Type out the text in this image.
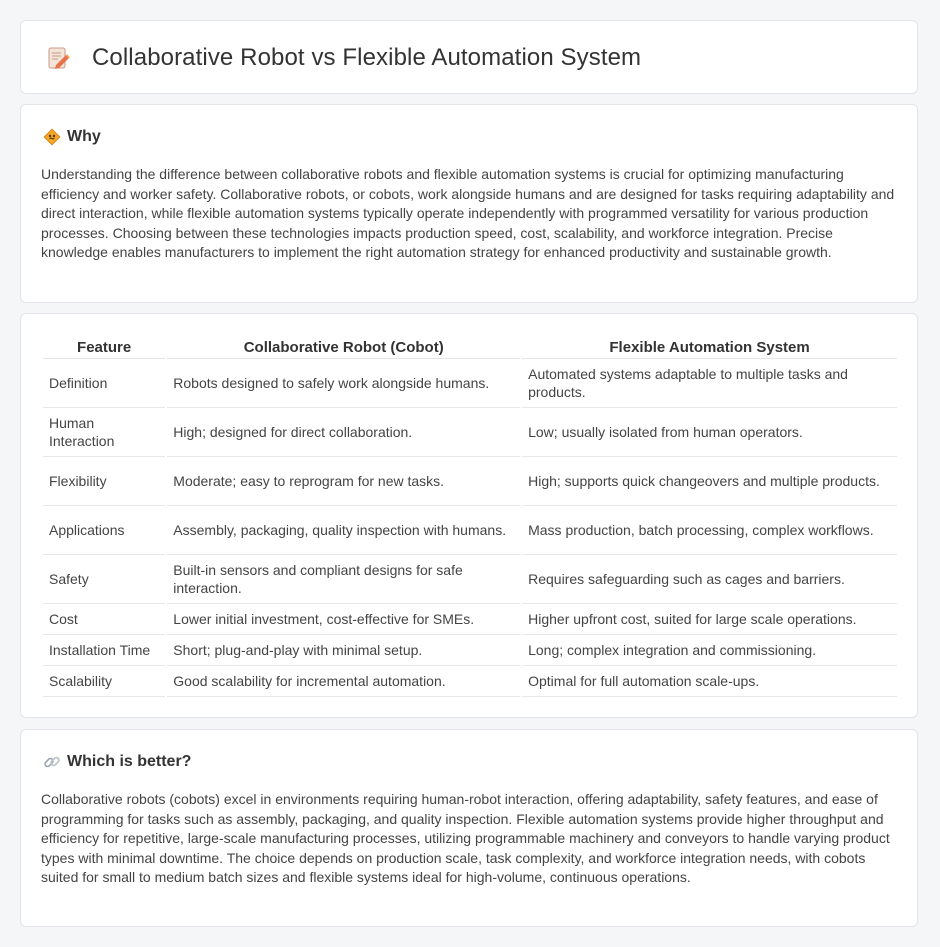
Collaborative Robot vs Flexible Automation System
Why

Understanding the difference between collaborative robots and flexible automation systems is crucial for optimizing manufacturing efficiency and worker safety. Collaborative robots, or cobots, work alongside humans and are designed for tasks requiring adaptability and direct interaction, while flexible automation systems typically operate independently with programmed versatility for various production processes. Choosing between these technologies impacts production speed, cost, scalability, and workforce integration. Precise knowledge enables manufacturers to implement the right automation strategy for enhanced productivity and sustainable growth.

Feature	Collaborative Robot (Cobot)	Flexible Automation System
Definition	Robots designed to safely work alongside humans.	Automated systems adaptable to multiple tasks and products.
Human Interaction	High; designed for direct collaboration.	Low; usually isolated from human operators.
Flexibility	Moderate; easy to reprogram for new tasks.	High; supports quick changeovers and multiple products.
Applications	Assembly, packaging, quality inspection with humans.	Mass production, batch processing, complex workflows.
Safety	Built-in sensors and compliant designs for safe interaction.	Requires safeguarding such as cages and barriers.
Cost	Lower initial investment, cost-effective for SMEs.	Higher upfront cost, suited for large scale operations.
Installation Time	Short; plug-and-play with minimal setup.	Long; complex integration and commissioning.
Scalability	Good scalability for incremental automation.	Optimal for full automation scale-ups.
Which is better?

Collaborative robots (cobots) excel in environments requiring human-robot interaction, offering adaptability, safety features, and ease of programming for tasks such as assembly, packaging, and quality inspection. Flexible automation systems provide higher throughput and efficiency for repetitive, large-scale manufacturing processes, utilizing programmable machinery and conveyors to handle varying product types with minimal downtime. The choice depends on production scale, task complexity, and workforce integration needs, with cobots suited for small to medium batch sizes and flexible systems ideal for high-volume, continuous operations.
